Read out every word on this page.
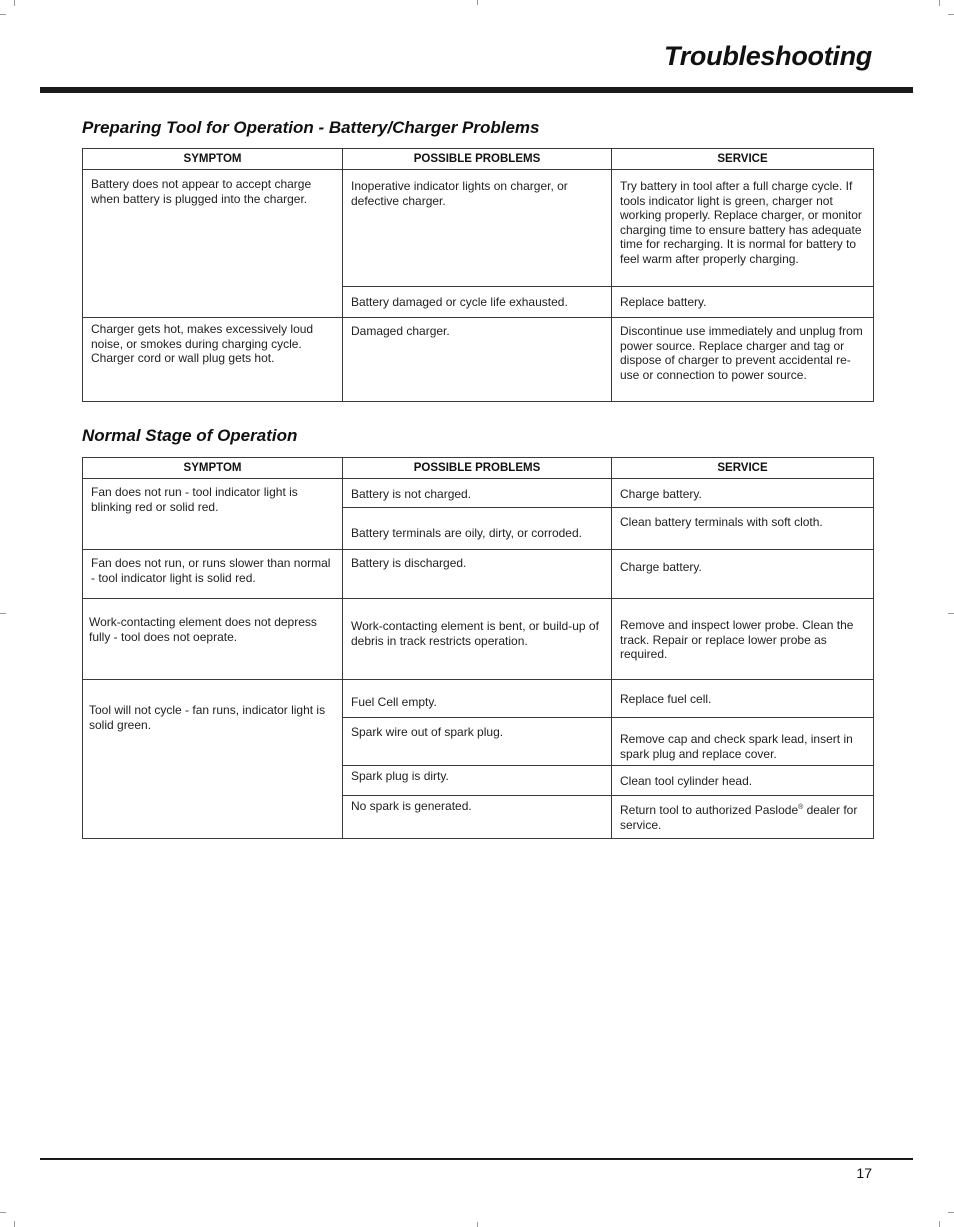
Troubleshooting
Preparing Tool for Operation - Battery/Charger Problems
SYMPTOM	POSSIBLE PROBLEMS	SERVICE
Battery does not appear to accept charge when battery is plugged into the charger.	Inoperative indicator lights on charger, or defective charger.	Try battery in tool after a full charge cycle. If tools indicator light is green, charger not working properly. Replace charger, or monitor charging time to ensure battery has adequate time for recharging. It is normal for battery to feel warm after properly charging.
	Battery damaged or cycle life exhausted.	Replace battery.
Charger gets hot, makes excessively loud noise, or smokes during charging cycle. Charger cord or wall plug gets hot.	Damaged charger.	Discontinue use immediately and unplug from power source. Replace charger and tag or dispose of charger to prevent accidental re-use or connection to power source.
Normal Stage of Operation
SYMPTOM	POSSIBLE PROBLEMS	SERVICE
Fan does not run - tool indicator light is blinking red or solid red.	Battery is not charged.	Charge battery.
	Battery terminals are oily, dirty, or corroded.	Clean battery terminals with soft cloth.
Fan does not run, or runs slower than normal - tool indicator light is solid red.	Battery is discharged.	Charge battery.
Work-contacting element does not depress fully - tool does not oeprate.	Work-contacting element is bent, or build-up of debris in track restricts operation.	Remove and inspect lower probe. Clean the track. Repair or replace lower probe as required.
Tool will not cycle - fan runs, indicator light is solid green.	Fuel Cell empty.	Replace fuel cell.
	Spark wire out of spark plug.	Remove cap and check spark lead, insert in spark plug and replace cover.
	Spark plug is dirty.	Clean tool cylinder head.
	No spark is generated.	Return tool to authorized Paslode® dealer for service.
17
